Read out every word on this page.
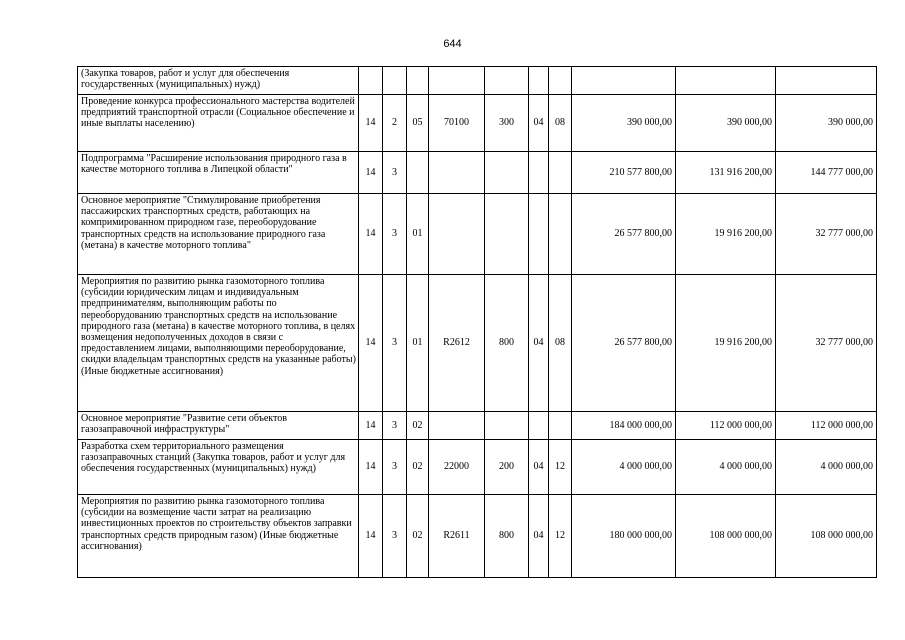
644
(Закупка товаров, работ и услуг для обеспечения государственных (муниципальных) нужд)										
Проведение конкурса профессионального мастерства водителей предприятий транспортной отрасли (Социальное обеспечение и иные выплаты населению)	14	2	05	70100	300	04	08	390 000,00	390 000,00	390 000,00
Подпрограмма "Расширение использования природного газа в качестве моторного топлива в Липецкой области"	14	3						210 577 800,00	131 916 200,00	144 777 000,00
Основное мероприятие "Стимулирование приобретения пассажирских транспортных средств, работающих на компримированном природном газе, переоборудование транспортных средств на использование природного газа (метана) в качестве моторного топлива"	14	3	01					26 577 800,00	19 916 200,00	32 777 000,00
Мероприятия по развитию рынка газомоторного топлива (субсидии юридическим лицам и индивидуальным предпринимателям, выполняющим работы по переоборудованию транспортных средств на использование природного газа (метана) в качестве моторного топлива, в целях возмещения недополученных доходов в связи с предоставлением лицами, выполняющими переоборудование, скидки владельцам транспортных средств на указанные работы) (Иные бюджетные ассигнования)	14	3	01	R2612	800	04	08	26 577 800,00	19 916 200,00	32 777 000,00
Основное мероприятие "Развитие сети объектов газозаправочной инфраструктуры"	14	3	02					184 000 000,00	112 000 000,00	112 000 000,00
Разработка схем территориального размещения газозаправочных станций (Закупка товаров, работ и услуг для обеспечения государственных (муниципальных) нужд)	14	3	02	22000	200	04	12	4 000 000,00	4 000 000,00	4 000 000,00
Мероприятия по развитию рынка газомоторного топлива (субсидии на возмещение части затрат на реализацию инвестиционных проектов по строительству объектов заправки транспортных средств природным газом) (Иные бюджетные ассигнования)	14	3	02	R2611	800	04	12	180 000 000,00	108 000 000,00	108 000 000,00
